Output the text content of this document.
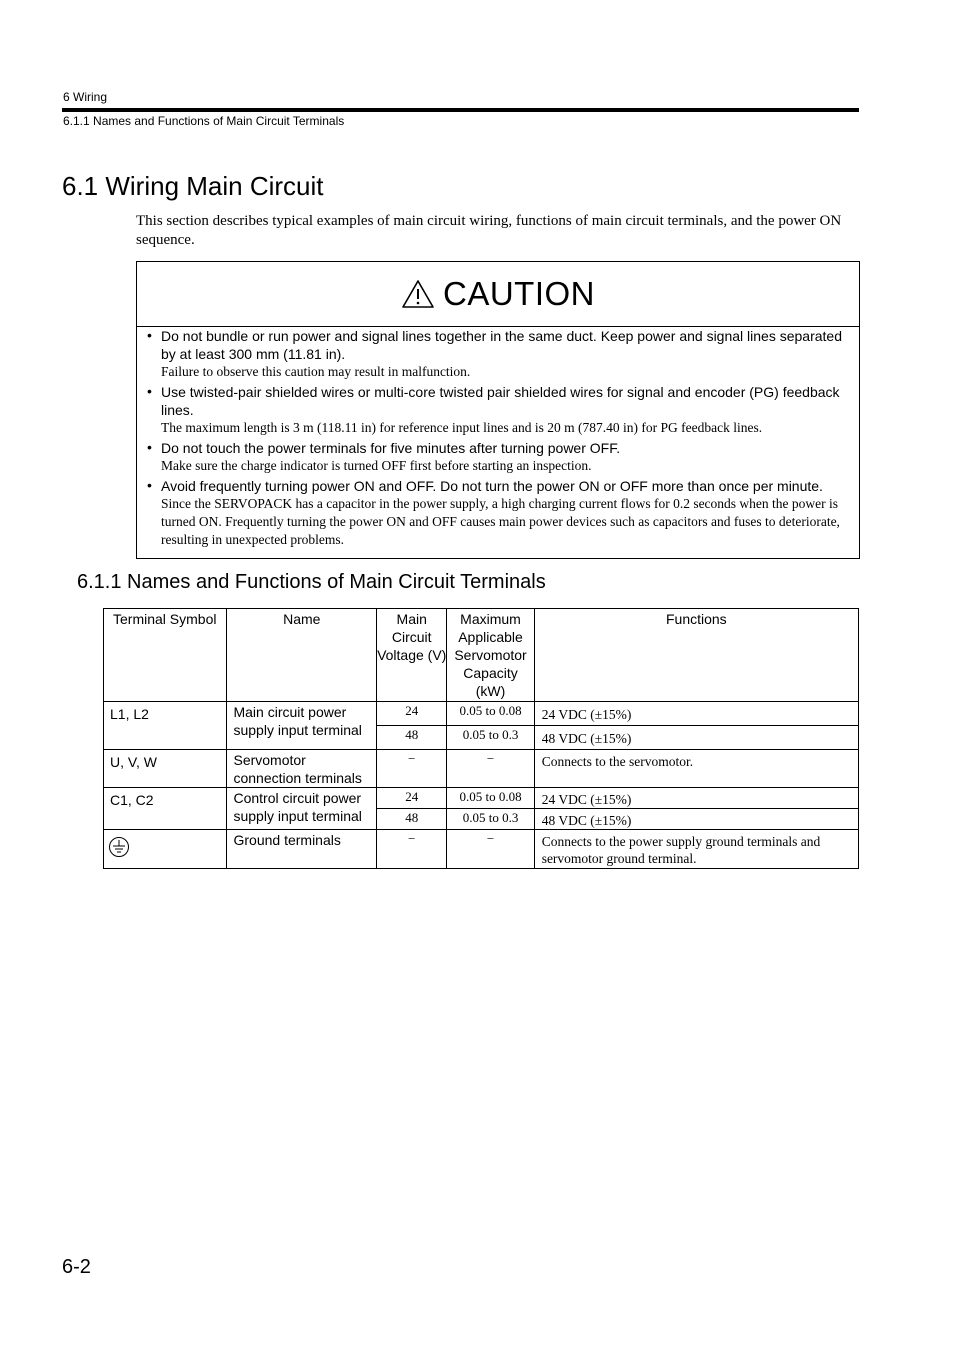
6 Wiring
6.1.1 Names and Functions of Main Circuit Terminals
6.1 Wiring Main Circuit
This section describes typical examples of main circuit wiring, functions of main circuit terminals, and the power ON sequence.
CAUTION
• Do not bundle or run power and signal lines together in the same duct. Keep power and signal lines separated by at least 300 mm (11.81 in).
Failure to observe this caution may result in malfunction.
• Use twisted-pair shielded wires or multi-core twisted pair shielded wires for signal and encoder (PG) feedback lines.
The maximum length is 3 m (118.11 in) for reference input lines and is 20 m (787.40 in) for PG feedback lines.
• Do not touch the power terminals for five minutes after turning power OFF.
Make sure the charge indicator is turned OFF first before starting an inspection.
• Avoid frequently turning power ON and OFF. Do not turn the power ON or OFF more than once per minute.
Since the SERVOPACK has a capacitor in the power supply, a high charging current flows for 0.2 seconds when the power is turned ON. Frequently turning the power ON and OFF causes main power devices such as capacitors and fuses to deteriorate, resulting in unexpected problems.
6.1.1 Names and Functions of Main Circuit Terminals
Terminal Symbol	Name	Main Circuit Voltage (V)	Maximum Applicable Servomotor Capacity (kW)	Functions
L1, L2	Main circuit power supply input terminal	24	0.05 to 0.08	24 VDC (±15%)
		48	0.05 to 0.3	48 VDC (±15%)
U, V, W	Servomotor connection terminals	−	−	Connects to the servomotor.
C1, C2	Control circuit power supply input terminal	24	0.05 to 0.08	24 VDC (±15%)
		48	0.05 to 0.3	48 VDC (±15%)

	Ground terminals	−	−	Connects to the power supply ground terminals and servomotor ground terminal.
6-2
